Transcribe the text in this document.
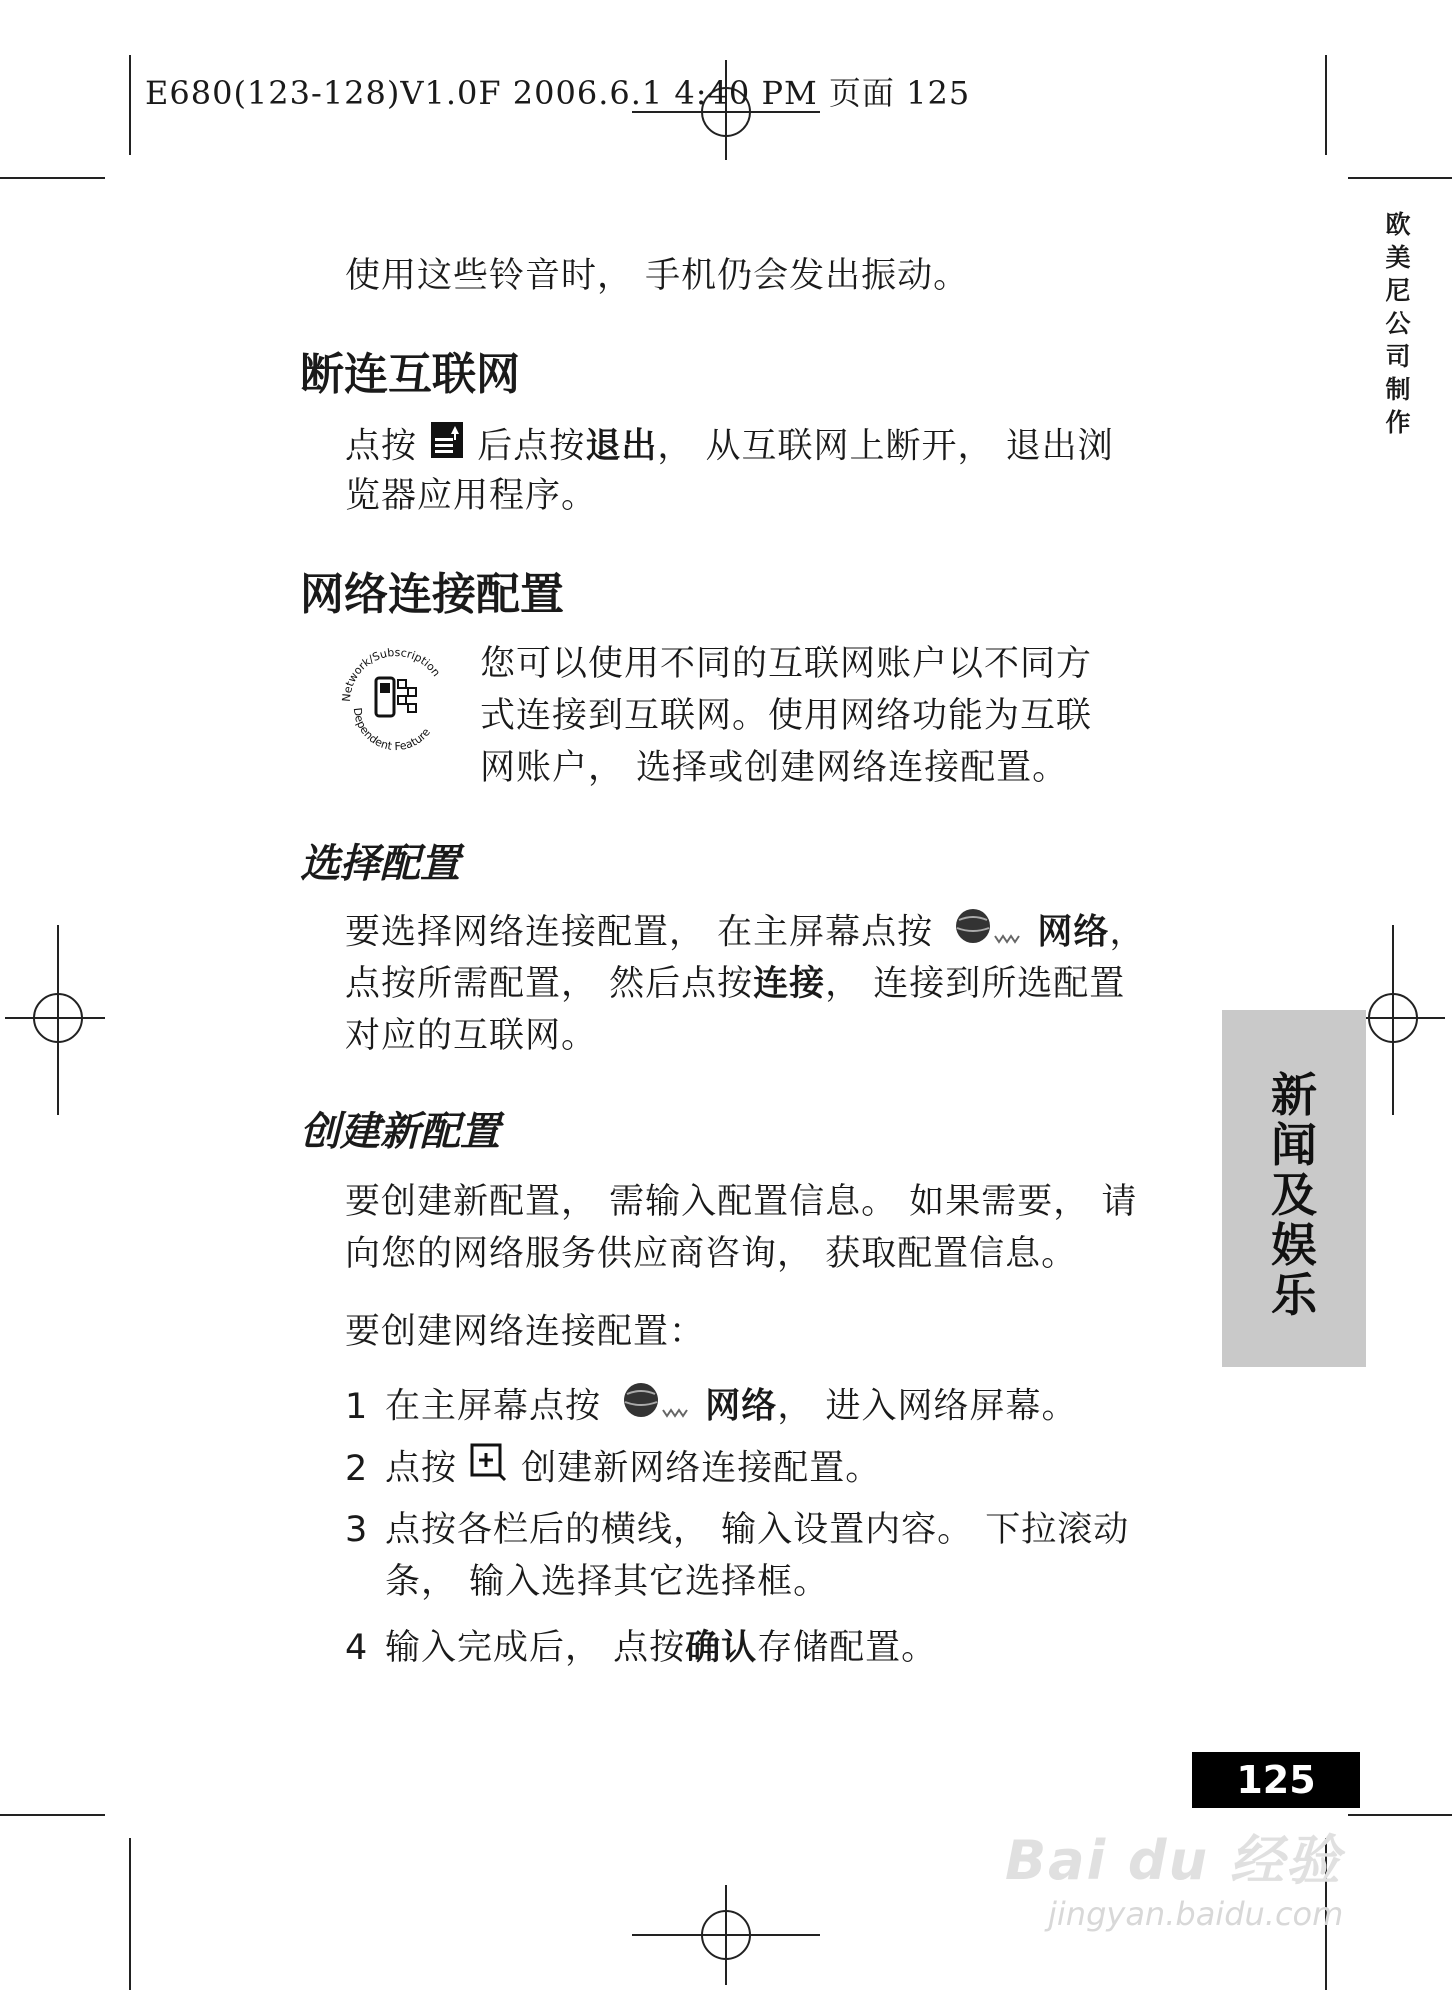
E680(123-128)V1.0F 2006.6.1 4:40 PM 页面 125
欧
美
尼
公
司
制
作
新
闻
及
娱
乐
使用这些铃音时， 手机仍会发出振动。
断连互联网
点按 后点按退出， 从互联网上断开， 退出浏
览器应用程序。
网络连接配置
Network/Subscription
Dependent Feature
您可以使用不同的互联网账户以不同方
式连接到互联网。使用网络功能为互联
网账户， 选择或创建网络连接配置。
选择配置
要选择网络连接配置， 在主屏幕点按	网络，
点按所需配置， 然后点按连接， 连接到所选配置
对应的互联网。
创建新配置
要创建新配置， 需输入配置信息。 如果需要， 请
向您的网络服务供应商咨询， 获取配置信息。
要创建网络连接配置：
1 在主屏幕点按	网络， 进入网络屏幕。
2 点按 创建新网络连接配置。
3 点按各栏后的横线， 输入设置内容。 下拉滚动
条， 输入选择其它选择框。
4 输入完成后， 点按确认存储配置。
125
Bai du 经验
jingyan.baidu.com
